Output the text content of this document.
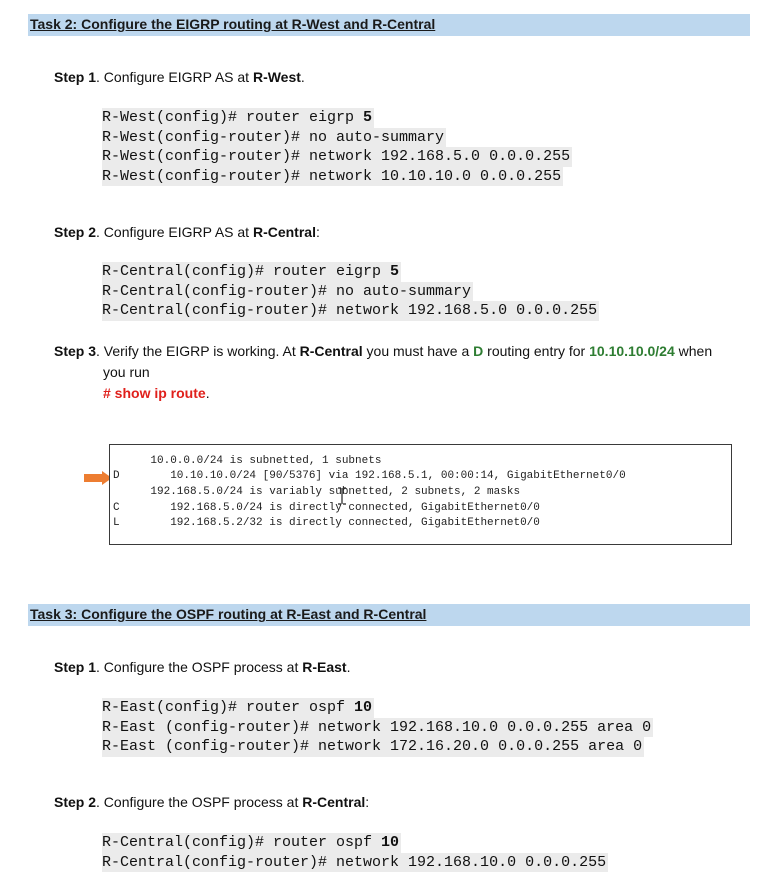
Task 2: Configure the EIGRP routing at R-West and R-Central
Step 1. Configure EIGRP AS at R-West.
R-West(config)# router eigrp 5
R-West(config-router)# no auto-summary
R-West(config-router)# network 192.168.5.0 0.0.0.255
R-West(config-router)# network 10.10.10.0 0.0.0.255
Step 2. Configure EIGRP AS at R-Central:
R-Central(config)# router eigrp 5
R-Central(config-router)# no auto-summary
R-Central(config-router)# network 192.168.5.0 0.0.0.255
Step 3. Verify the EIGRP is working. At R-Central you must have a D routing entry for 10.10.10.0/24 when
you run
# show ip route.
10.0.0.0/24 is subnetted, 1 subnets
D 10.10.10.0/24 [90/5376] via 192.168.5.1, 00:00:14, GigabitEthernet0/0
192.168.5.0/24 is variably subnetted, 2 subnets, 2 masks
C 192.168.5.0/24 is directly connected, GigabitEthernet0/0
L 192.168.5.2/32 is directly connected, GigabitEthernet0/0
Task 3: Configure the OSPF routing at R-East and R-Central
Step 1. Configure the OSPF process at R-East.
R-East(config)# router ospf 10
R-East (config-router)# network 192.168.10.0 0.0.0.255 area 0
R-East (config-router)# network 172.16.20.0 0.0.0.255 area 0
Step 2. Configure the OSPF process at R-Central:
R-Central(config)# router ospf 10
R-Central(config-router)# network 192.168.10.0 0.0.0.255
